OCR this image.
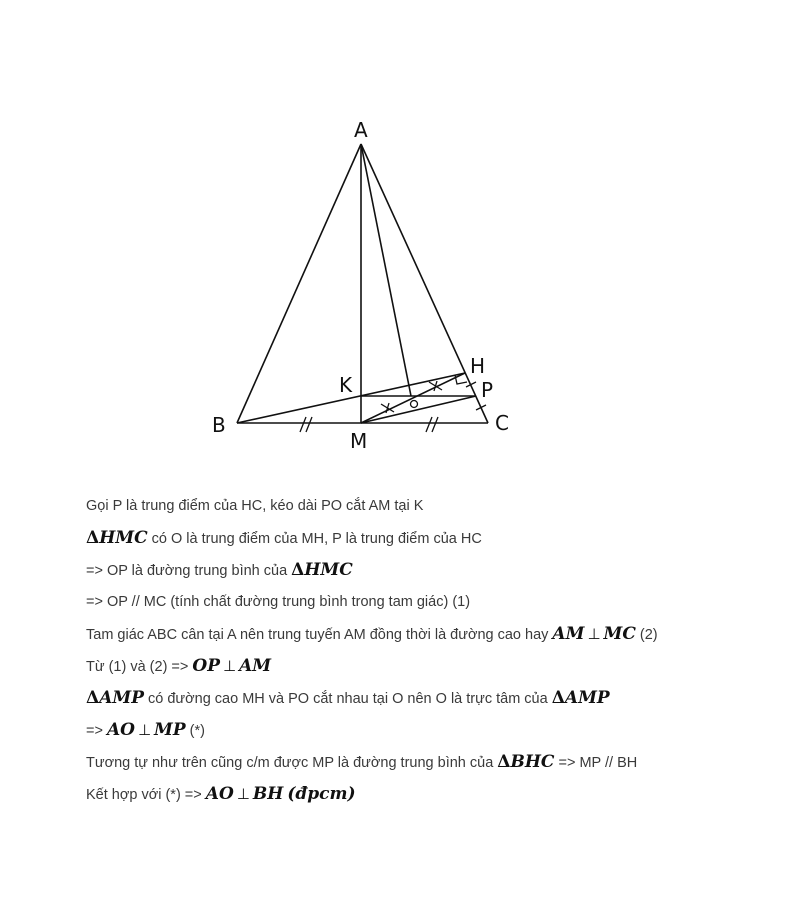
A
B	C
H
K
M
P
Gọi P là trung điểm của HC, kéo dài PO cắt AM tại K
ΔHMC có O là trung điểm của MH, P là trung điểm của HC
=> OP là đường trung bình của ΔHMC
=> OP // MC (tính chất đường trung bình trong tam giác) (1)
Tam giác ABC cân tại A nên trung tuyến AM đồng thời là đường cao hay AM ⊥ MC (2)
Từ (1) và (2) => OP ⊥ AM
ΔAMP có đường cao MH và PO cắt nhau tại O nên O là trực tâm của ΔAMP
=> AO ⊥ MP (*)
Tương tự như trên cũng c/m được MP là đường trung bình của ΔBHC => MP // BH
Kết hợp với (*) => AO ⊥ BH (đpcm)
